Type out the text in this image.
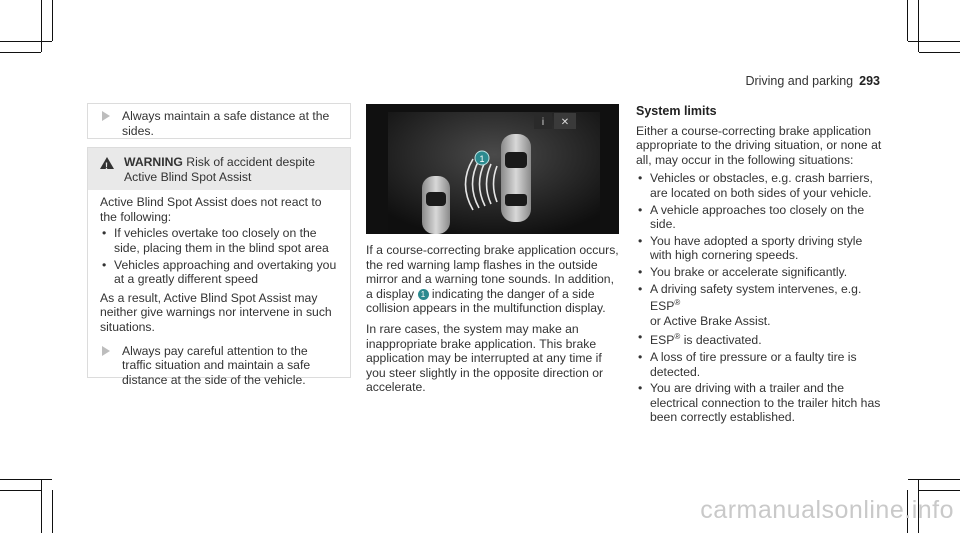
Driving and parking 293
Always maintain a safe distance at the sides.
!
WARNING Risk of accident despite
Active Blind Spot Assist
Active Blind Spot Assist does not react to the following:
• If vehicles overtake too closely on the side, placing them in the blind spot area
• Vehicles approaching and overtaking you at a greatly different speed
As a result, Active Blind Spot Assist may neither give warnings nor intervene in such situations.
Always pay careful attention to the traffic situation and maintain a safe distance at the side of the vehicle.
i ✕
1

If a course-correcting brake application occurs, the red warning lamp flashes in the outside mirror and a warning tone sounds. In addition, a display 1 indicating the danger of a side collision appears in the multifunction display.

In rare cases, the system may make an inappropriate brake application. This brake application may be interrupted at any time if you steer slightly in the opposite direction or accelerate.

System limits
Either a course-correcting brake application appropriate to the driving situation, or none at all, may occur in the following situations:
• Vehicles or obstacles, e.g. crash barriers, are located on both sides of your vehicle.
• A vehicle approaches too closely on the side.
• You have adopted a sporty driving style with high cornering speeds.
• You brake or accelerate significantly.
• A driving safety system intervenes, e.g. ESP®
or Active Brake Assist.
• ESP® is deactivated.
• A loss of tire pressure or a faulty tire is detected.
• You are driving with a trailer and the electrical connection to the trailer hitch has been correctly established.
carmanualsonline.info
